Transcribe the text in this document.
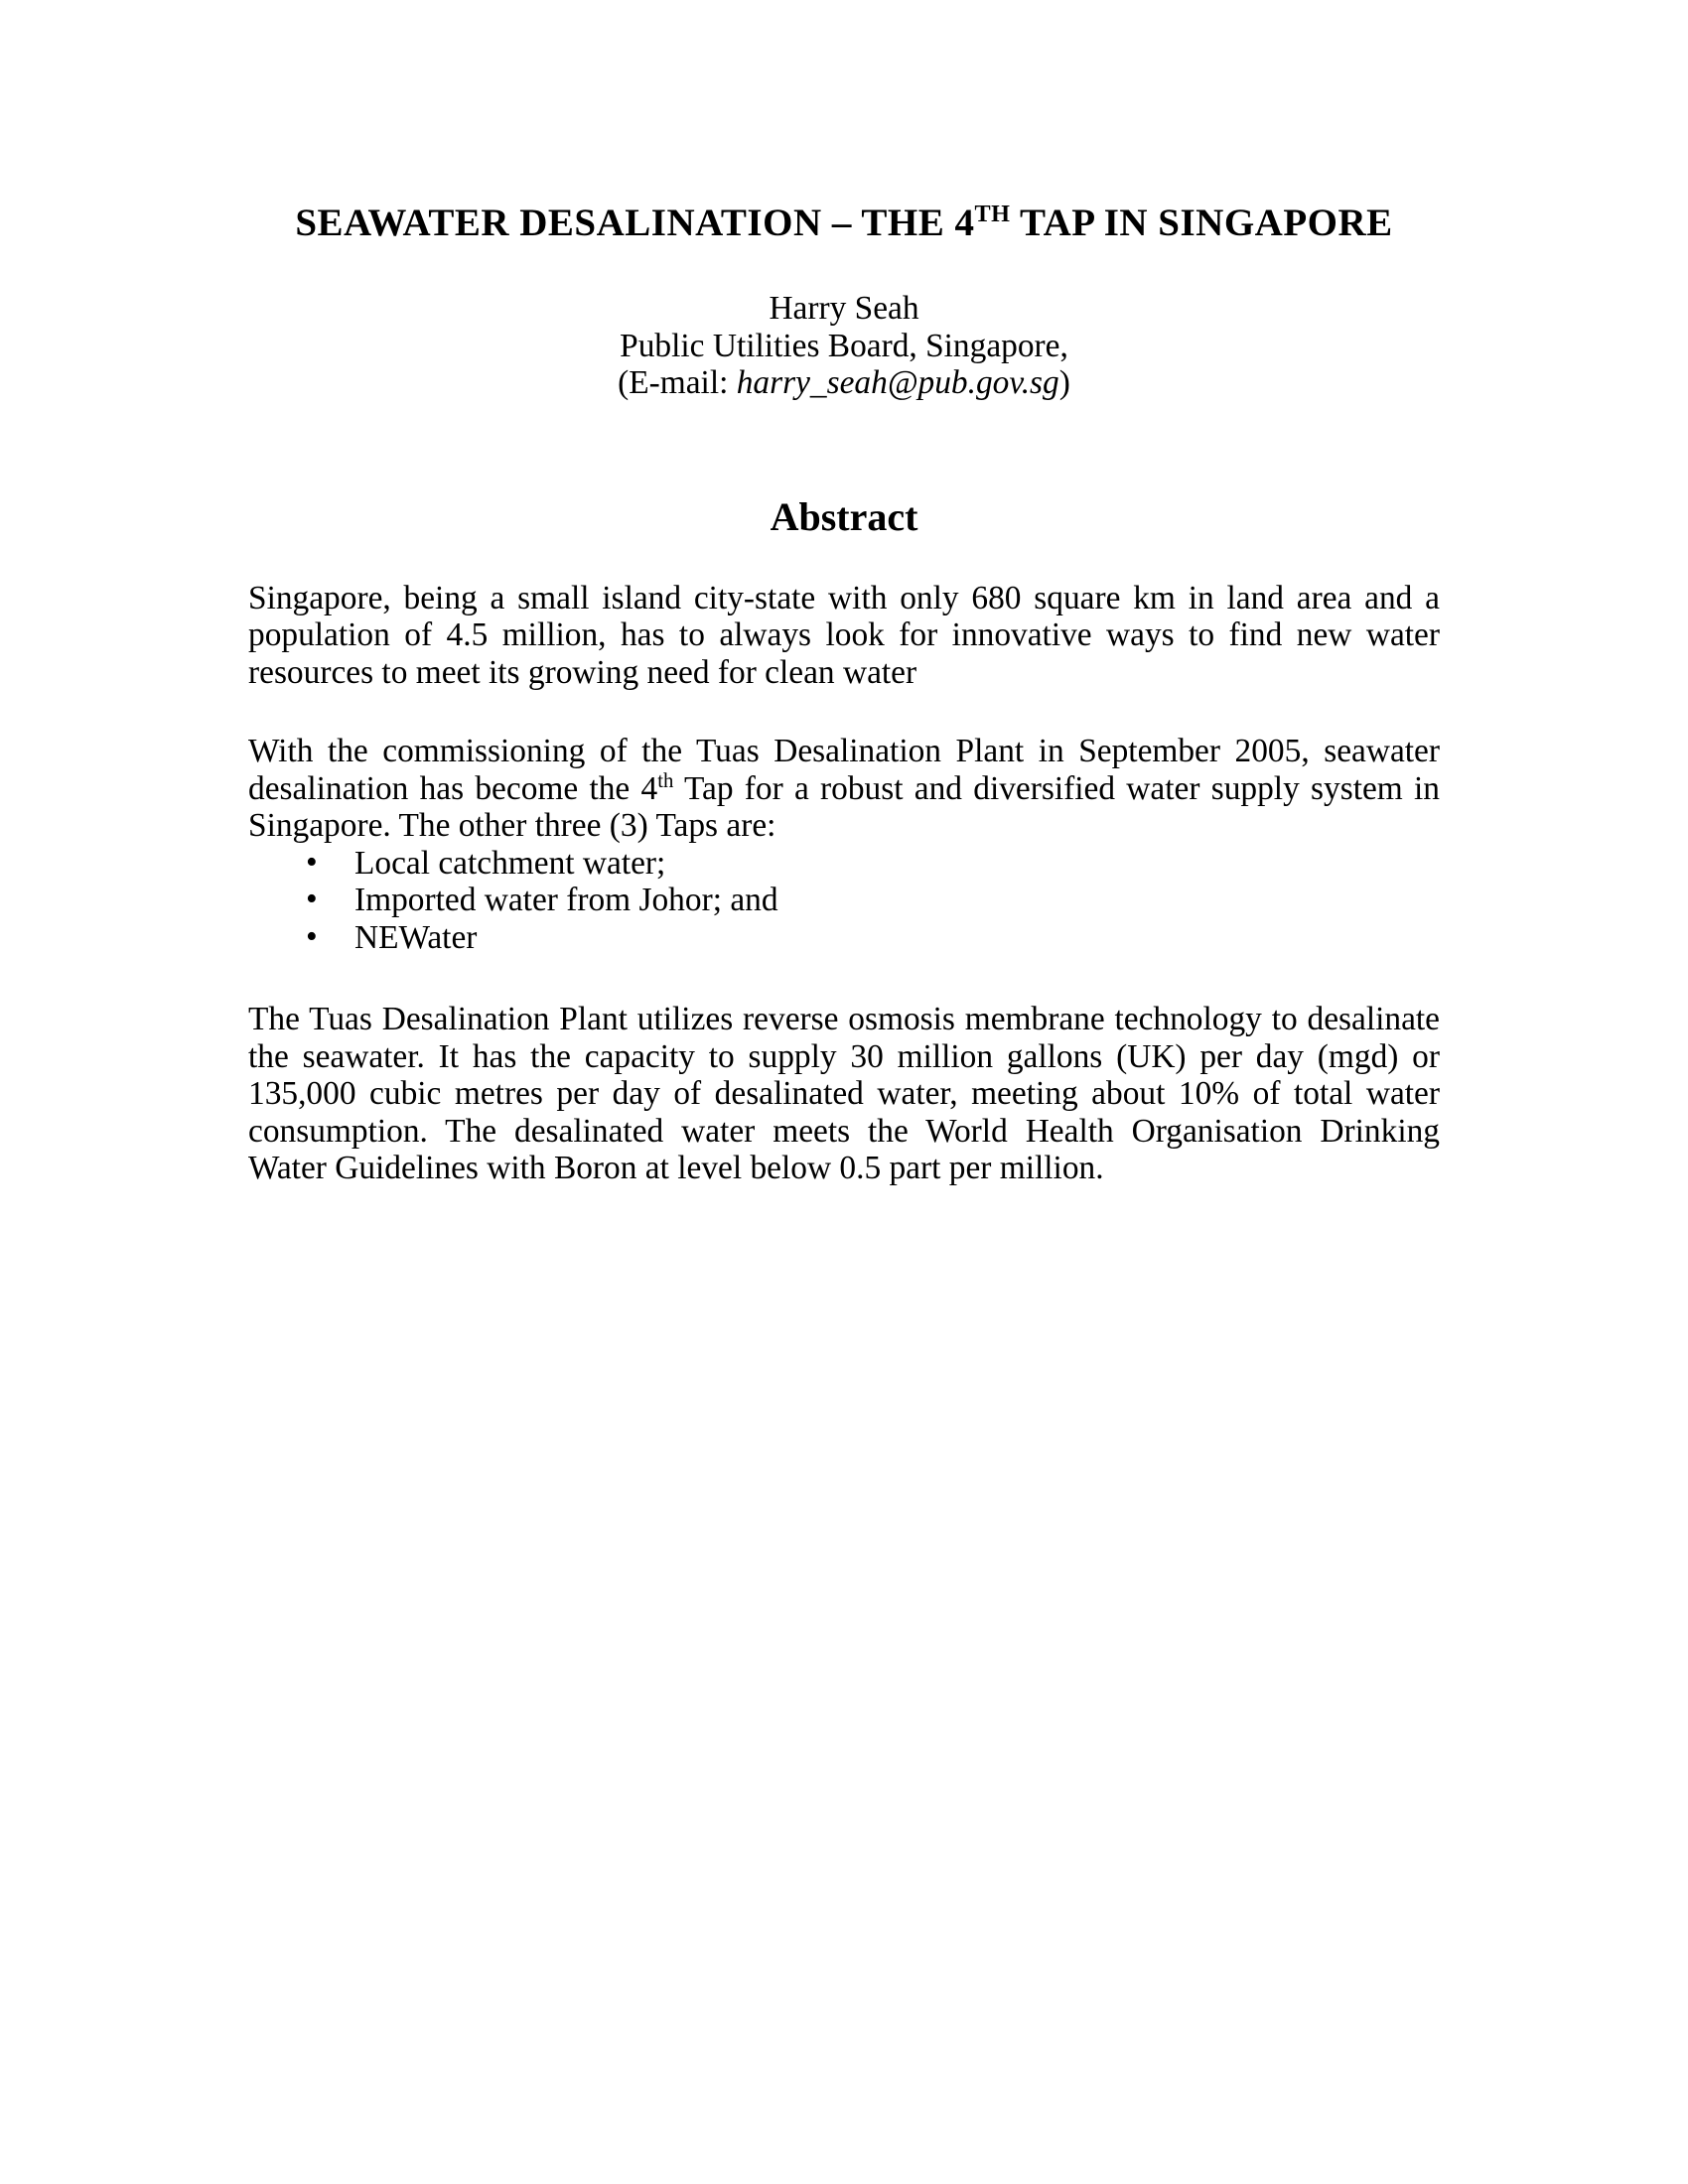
SEAWATER DESALINATION – THE 4TH TAP IN SINGAPORE

Harry Seah

Public Utilities Board, Singapore,

(E-mail: harry_seah@pub.gov.sg)

Abstract

Singapore, being a small island city-state with only 680 square km in land area and a population of 4.5 million, has to always look for innovative ways to find new water resources to meet its growing need for clean water

With the commissioning of the Tuas Desalination Plant in September 2005, seawater desalination has become the 4th Tap for a robust and diversified water supply system in Singapore. The other three (3) Taps are:

• Local catchment water;
• Imported water from Johor; and
• NEWater

The Tuas Desalination Plant utilizes reverse osmosis membrane technology to desalinate the seawater. It has the capacity to supply 30 million gallons (UK) per day (mgd) or 135,000 cubic metres per day of desalinated water, meeting about 10% of total water consumption. The desalinated water meets the World Health Organisation Drinking Water Guidelines with Boron at level below 0.5 part per million.
